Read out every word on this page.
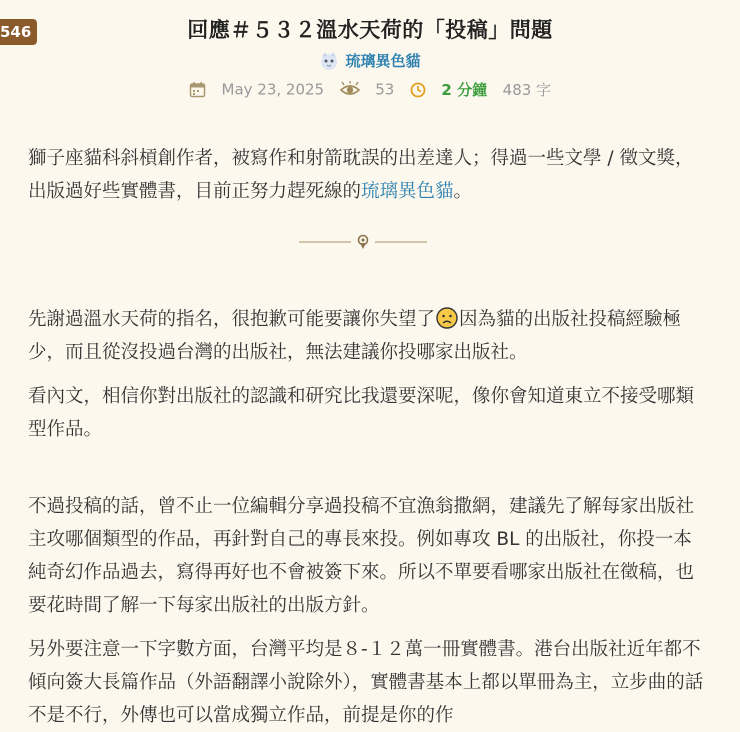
546	回應＃５３２溫水天荷的「投稿」問題
琉璃異色貓
May 23, 2025	53	2 分鐘 483 字

獅子座貓科斜槓創作者，被寫作和射箭耽誤的出差達人；得過一些文學 / 徵文獎，出版過好些實體書，目前正努力趕死線的琉璃異色貓。

先謝過溫水天荷的指名，很抱歉可能要讓你失望了 因為貓的出版社投稿經驗極少，而且從沒投過台灣的出版社，無法建議你投哪家出版社。

看內文，相信你對出版社的認識和研究比我還要深呢，像你會知道東立不接受哪類型作品。

不過投稿的話，曾不止一位編輯分享過投稿不宜漁翁撒網，建議先了解每家出版社主攻哪個類型的作品，再針對自己的專長來投。例如專攻 BL 的出版社，你投一本純奇幻作品過去，寫得再好也不會被簽下來。所以不單要看哪家出版社在徵稿，也要花時間了解一下每家出版社的出版方針。

另外要注意一下字數方面，台灣平均是８-１２萬一冊實體書。港台出版社近年都不傾向簽大長篇作品（外語翻譯小說除外），實體書基本上都以單冊為主，立步曲的話不是不行，外傳也可以當成獨立作品，前提是你的作
